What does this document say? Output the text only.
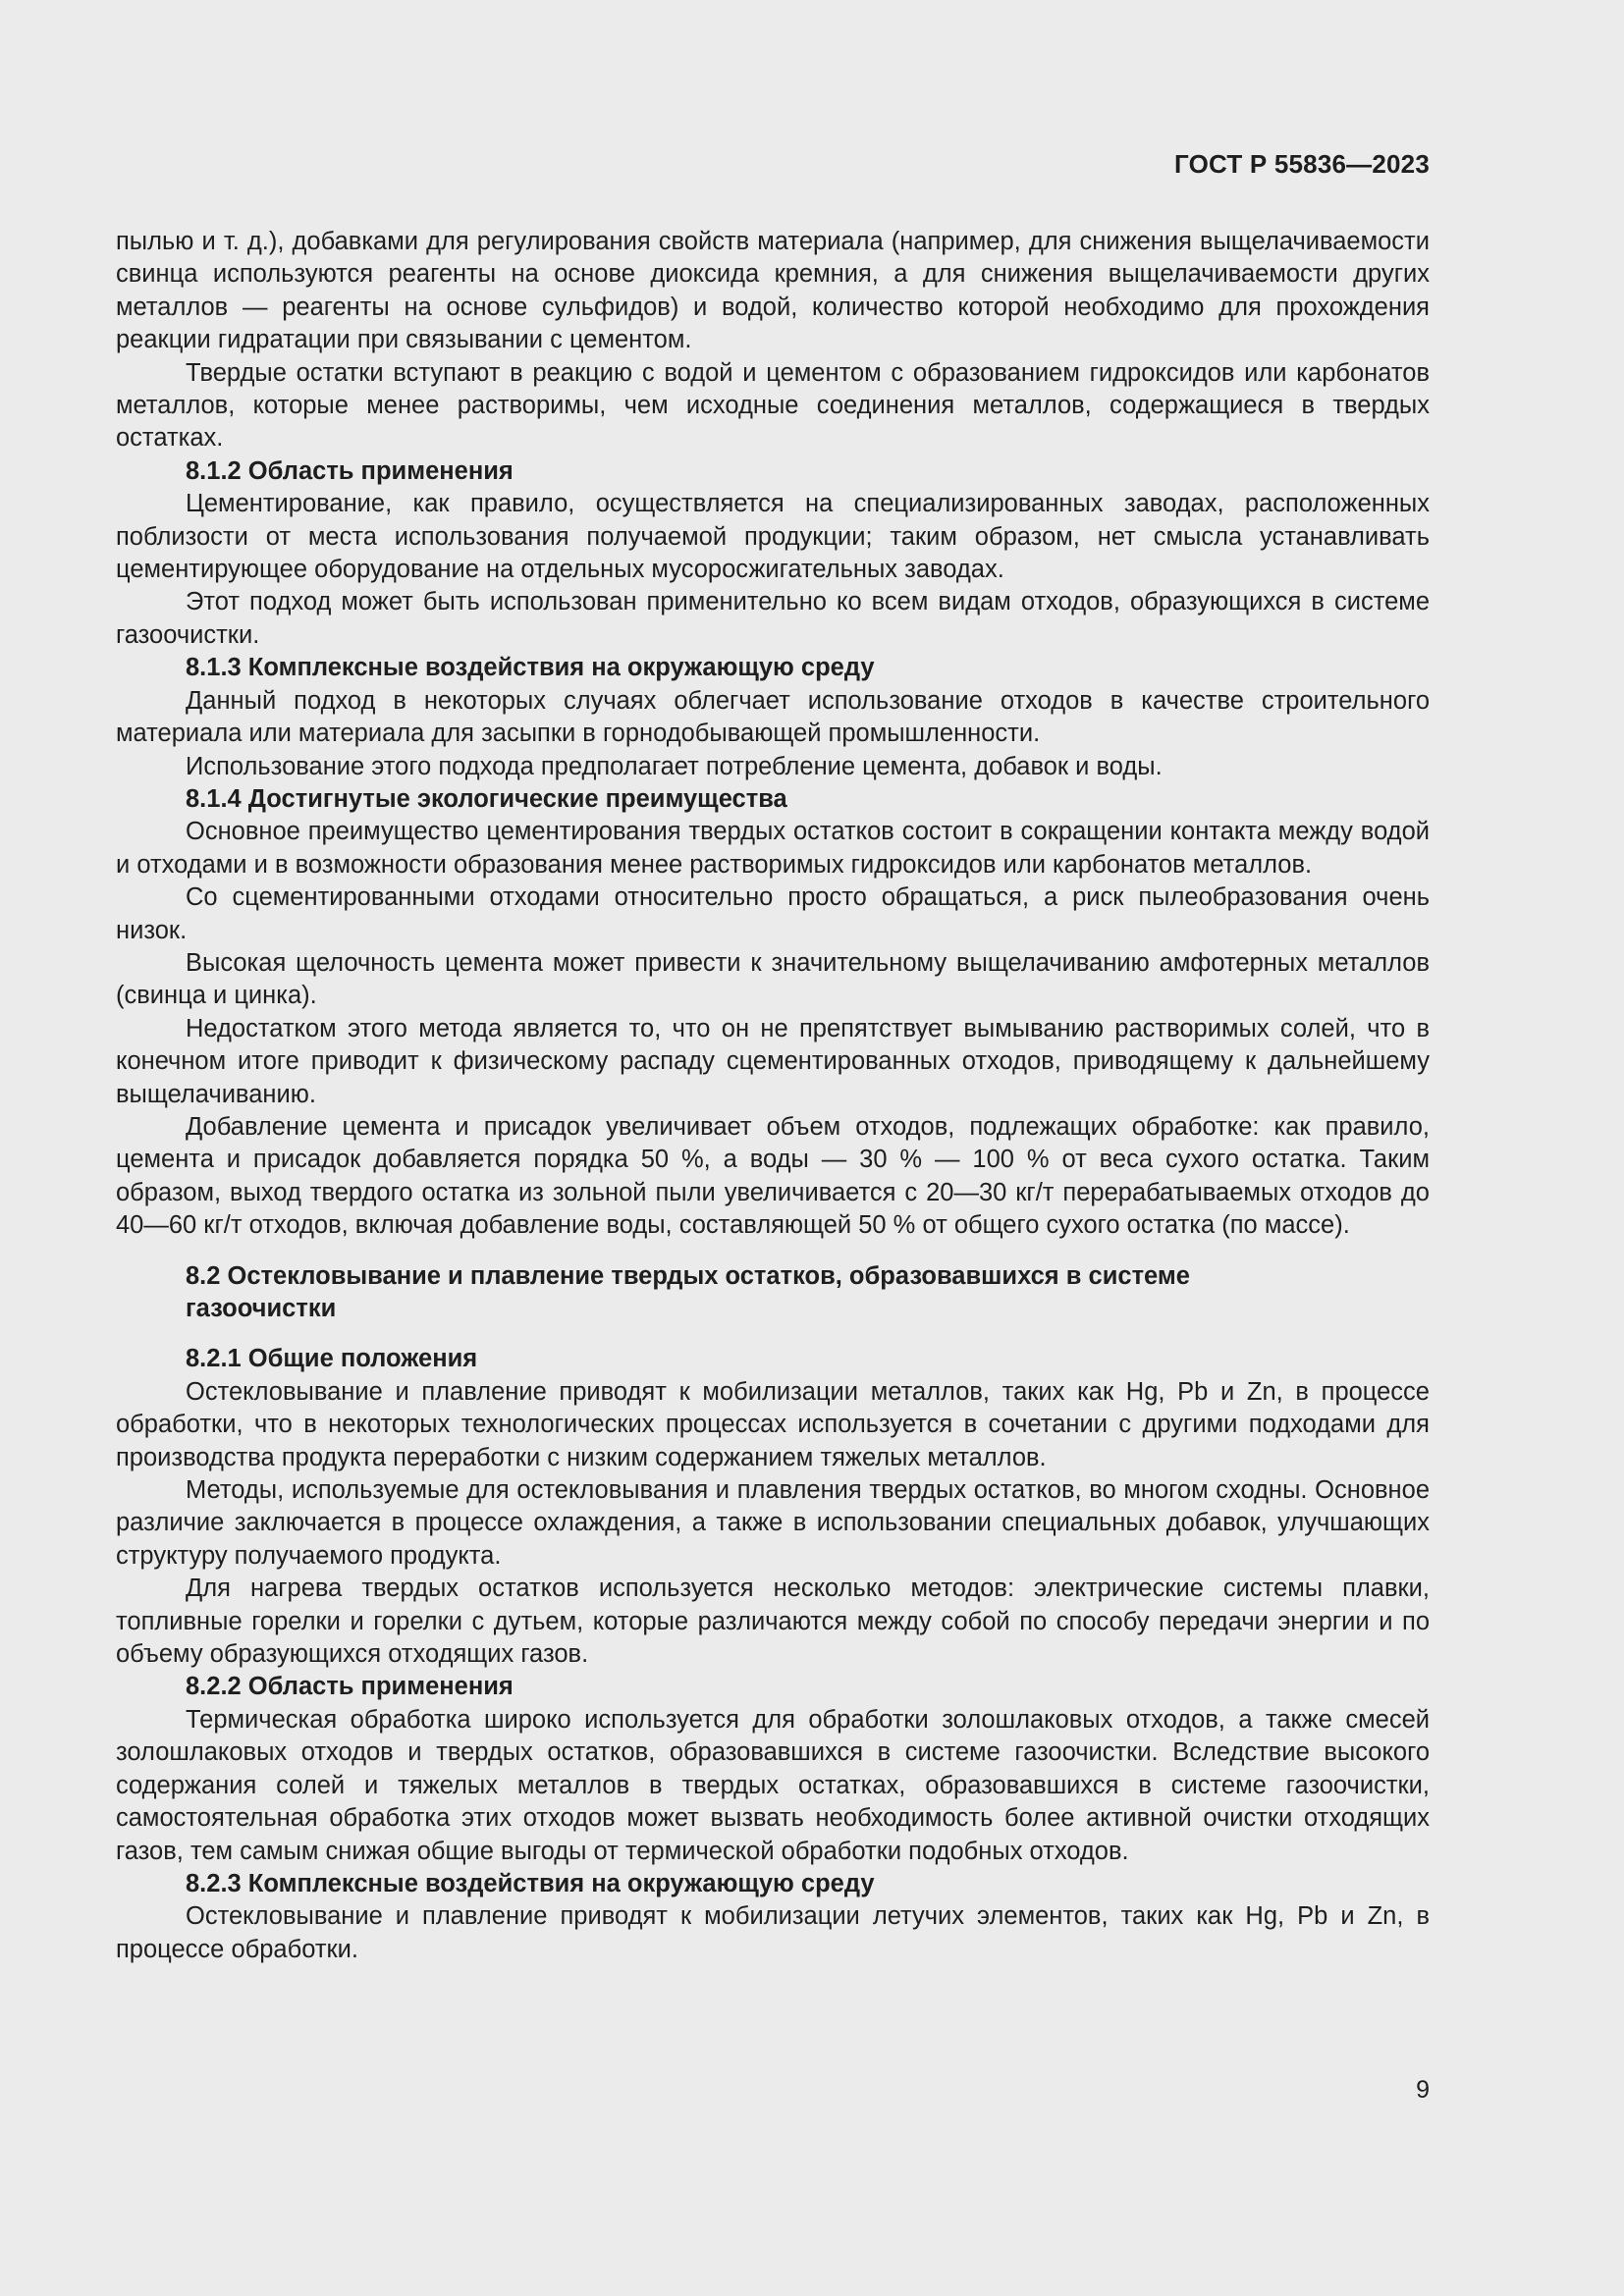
ГОСТ Р 55836—2023

пылью и т. д.), добавками для регулирования свойств материала (например, для снижения выщелачиваемости свинца используются реагенты на основе диоксида кремния, а для снижения выщелачиваемости других металлов — реагенты на основе сульфидов) и водой, количество которой необходимо для прохождения реакции гидратации при связывании с цементом.

Твердые остатки вступают в реакцию с водой и цементом с образованием гидроксидов или карбонатов металлов, которые менее растворимы, чем исходные соединения металлов, содержащиеся в твердых остатках.

8.1.2 Область применения

Цементирование, как правило, осуществляется на специализированных заводах, расположенных поблизости от места использования получаемой продукции; таким образом, нет смысла устанавливать цементирующее оборудование на отдельных мусоросжигательных заводах.

Этот подход может быть использован применительно ко всем видам отходов, образующихся в системе газоочистки.

8.1.3 Комплексные воздействия на окружающую среду

Данный подход в некоторых случаях облегчает использование отходов в качестве строительного материала или материала для засыпки в горнодобывающей промышленности.

Использование этого подхода предполагает потребление цемента, добавок и воды.

8.1.4 Достигнутые экологические преимущества

Основное преимущество цементирования твердых остатков состоит в сокращении контакта между водой и отходами и в возможности образования менее растворимых гидроксидов или карбонатов металлов.

Со сцементированными отходами относительно просто обращаться, а риск пылеобразования очень низок.

Высокая щелочность цемента может привести к значительному выщелачиванию амфотерных металлов (свинца и цинка).

Недостатком этого метода является то, что он не препятствует вымыванию растворимых солей, что в конечном итоге приводит к физическому распаду сцементированных отходов, приводящему к дальнейшему выщелачиванию.

Добавление цемента и присадок увеличивает объем отходов, подлежащих обработке: как правило, цемента и присадок добавляется порядка 50 %, а воды — 30 % — 100 % от веса сухого остатка. Таким образом, выход твердого остатка из зольной пыли увеличивается с 20—30 кг/т перерабатываемых отходов до 40—60 кг/т отходов, включая добавление воды, составляющей 50 % от общего сухого остатка (по массе).

8.2 Остекловывание и плавление твердых остатков, образовавшихся в системе газоочистки

8.2.1 Общие положения

Остекловывание и плавление приводят к мобилизации металлов, таких как Hg, Pb и Zn, в процессе обработки, что в некоторых технологических процессах используется в сочетании с другими подходами для производства продукта переработки с низким содержанием тяжелых металлов.

Методы, используемые для остекловывания и плавления твердых остатков, во многом сходны. Основное различие заключается в процессе охлаждения, а также в использовании специальных добавок, улучшающих структуру получаемого продукта.

Для нагрева твердых остатков используется несколько методов: электрические системы плавки, топливные горелки и горелки с дутьем, которые различаются между собой по способу передачи энергии и по объему образующихся отходящих газов.

8.2.2 Область применения

Термическая обработка широко используется для обработки золошлаковых отходов, а также смесей золошлаковых отходов и твердых остатков, образовавшихся в системе газоочистки. Вследствие высокого содержания солей и тяжелых металлов в твердых остатках, образовавшихся в системе газоочистки, самостоятельная обработка этих отходов может вызвать необходимость более активной очистки отходящих газов, тем самым снижая общие выгоды от термической обработки подобных отходов.

8.2.3 Комплексные воздействия на окружающую среду

Остекловывание и плавление приводят к мобилизации летучих элементов, таких как Hg, Pb и Zn, в процессе обработки.

9
